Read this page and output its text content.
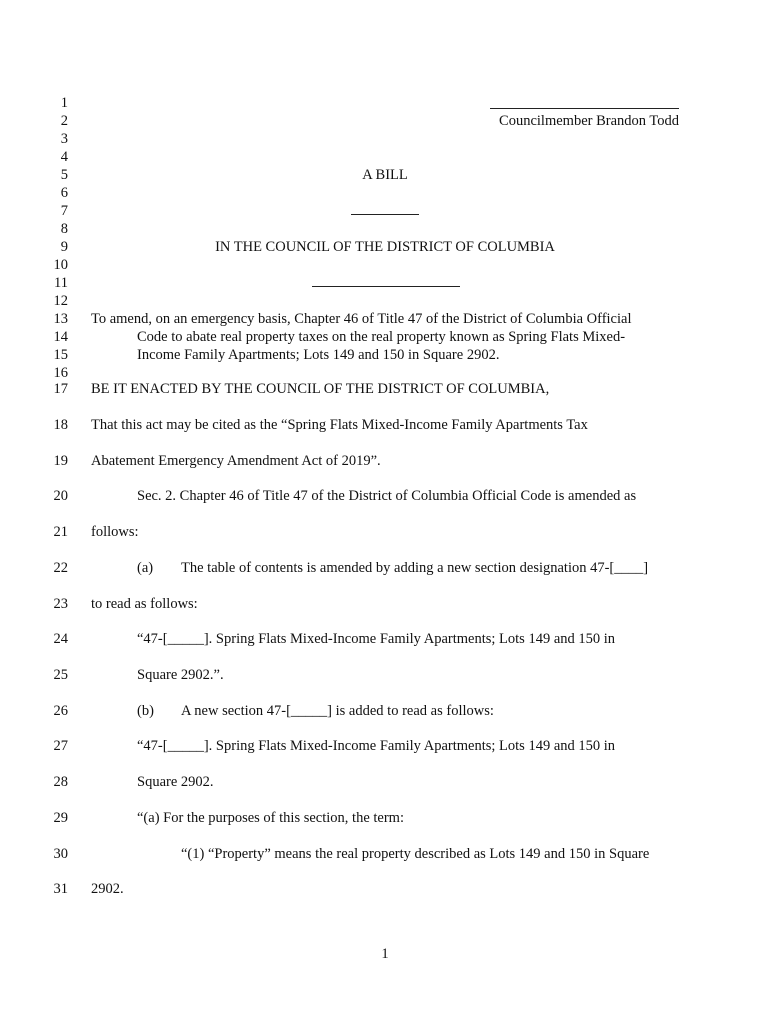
1
2
3
4
5
6
7
8
9
10
11
12
13
14
15
16
17
18
19
20
21
22
23
24
25
26
27
28
29
30
31
Councilmember Brandon Todd
A BILL
IN THE COUNCIL OF THE DISTRICT OF COLUMBIA
To amend, on an emergency basis, Chapter 46 of Title 47 of the District of Columbia Official
Code to abate real property taxes on the real property known as Spring Flats Mixed-
Income Family Apartments; Lots 149 and 150 in Square 2902.
BE IT ENACTED BY THE COUNCIL OF THE DISTRICT OF COLUMBIA,
That this act may be cited as the “Spring Flats Mixed-Income Family Apartments Tax
Abatement Emergency Amendment Act of 2019”.
Sec. 2. Chapter 46 of Title 47 of the District of Columbia Official Code is amended as
follows:
(a) The table of contents is amended by adding a new section designation 47-[____]
to read as follows:
“47-[_____]. Spring Flats Mixed-Income Family Apartments; Lots 149 and 150 in
Square 2902.”.
(b) A new section 47-[_____] is added to read as follows:
“47-[_____]. Spring Flats Mixed-Income Family Apartments; Lots 149 and 150 in
Square 2902.
“(a) For the purposes of this section, the term:
“(1) “Property” means the real property described as Lots 149 and 150 in Square
2902.
1
